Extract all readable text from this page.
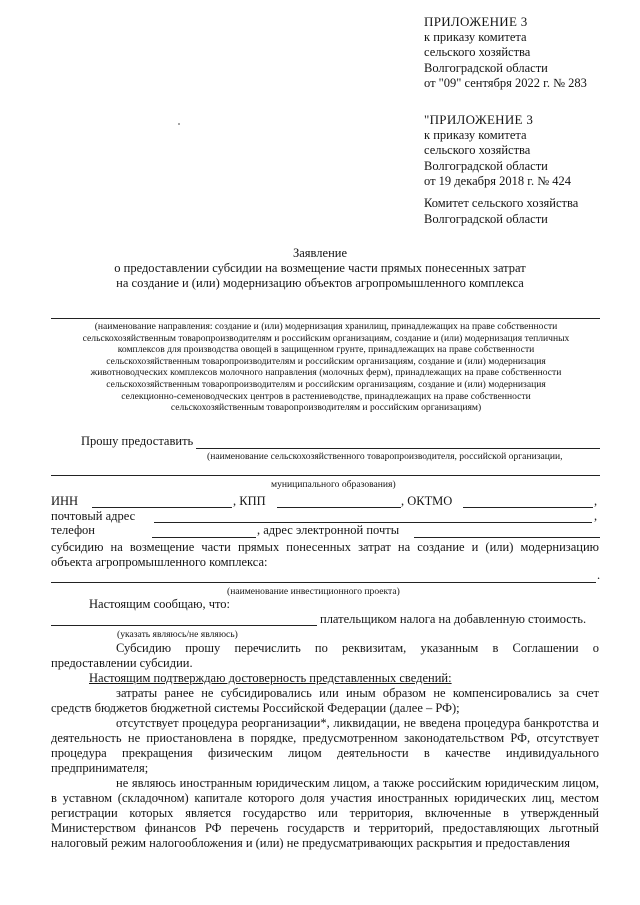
ПРИЛОЖЕНИЕ 3
к приказу комитета
сельского хозяйства
Волгоградской области
от "09" сентября 2022 г. № 283
"ПРИЛОЖЕНИЕ 3
к приказу комитета
сельского хозяйства
Волгоградской области
от 19 декабря 2018 г. № 424
Комитет сельского хозяйства
Волгоградской области
Заявление
о предоставлении субсидии на возмещение части прямых понесенных затрат
на создание и (или) модернизацию объектов агропромышленного комплекса
(наименование направления: создание и (или) модернизация хранилищ, принадлежащих на праве собственности
сельскохозяйственным товаропроизводителям и российским организациям, создание и (или) модернизация тепличных
комплексов для производства овощей в защищенном грунте, принадлежащих на праве собственности
сельскохозяйственным товаропроизводителям и российским организациям, создание и (или) модернизация
животноводческих комплексов молочного направления (молочных ферм), принадлежащих на праве собственности
сельскохозяйственным товаропроизводителям и российским организациям, создание и (или) модернизация
селекционно-семеноводческих центров в растениеводстве, принадлежащих на праве собственности
сельскохозяйственным товаропроизводителям и российским организациям)
Прошу предоставить
(наименование сельскохозяйственного товаропроизводителя, российской организации,
муниципального образования)
ИНН	, КПП	, ОКТМО	,
почтовый адрес	,
телефон	, адрес электронной почты
субсидию на возмещение части прямых понесенных затрат на создание и (или) модернизацию
объекта агропромышленного комплекса:
.
(наименование инвестиционного проекта)
Настоящим сообщаю, что:
плательщиком налога на добавленную стоимость.
(указать являюсь/не являюсь)
Субсидию прошу перечислить по реквизитам, указанным в Соглашении о предоставлении субсидии.
Настоящим подтверждаю достоверность представленных сведений:
затраты ранее не субсидировались или иным образом не компенсировались за счет средств бюджетов бюджетной системы Российской Федерации (далее – РФ);
отсутствует процедура реорганизации*, ликвидации, не введена процедура банкротства и деятельность не приостановлена в порядке, предусмотренном законодательством РФ, отсутствует процедура прекращения физическим лицом деятельности в качестве индивидуального предпринимателя;
не являюсь иностранным юридическим лицом, а также российским юридическим лицом, в уставном (складочном) капитале которого доля участия иностранных юридических лиц, местом регистрации которых является государство или территория, включенные в утвержденный Министерством финансов РФ перечень государств и территорий, предоставляющих льготный налоговый режим налогообложения и (или) не предусматривающих раскрытия и предоставления
